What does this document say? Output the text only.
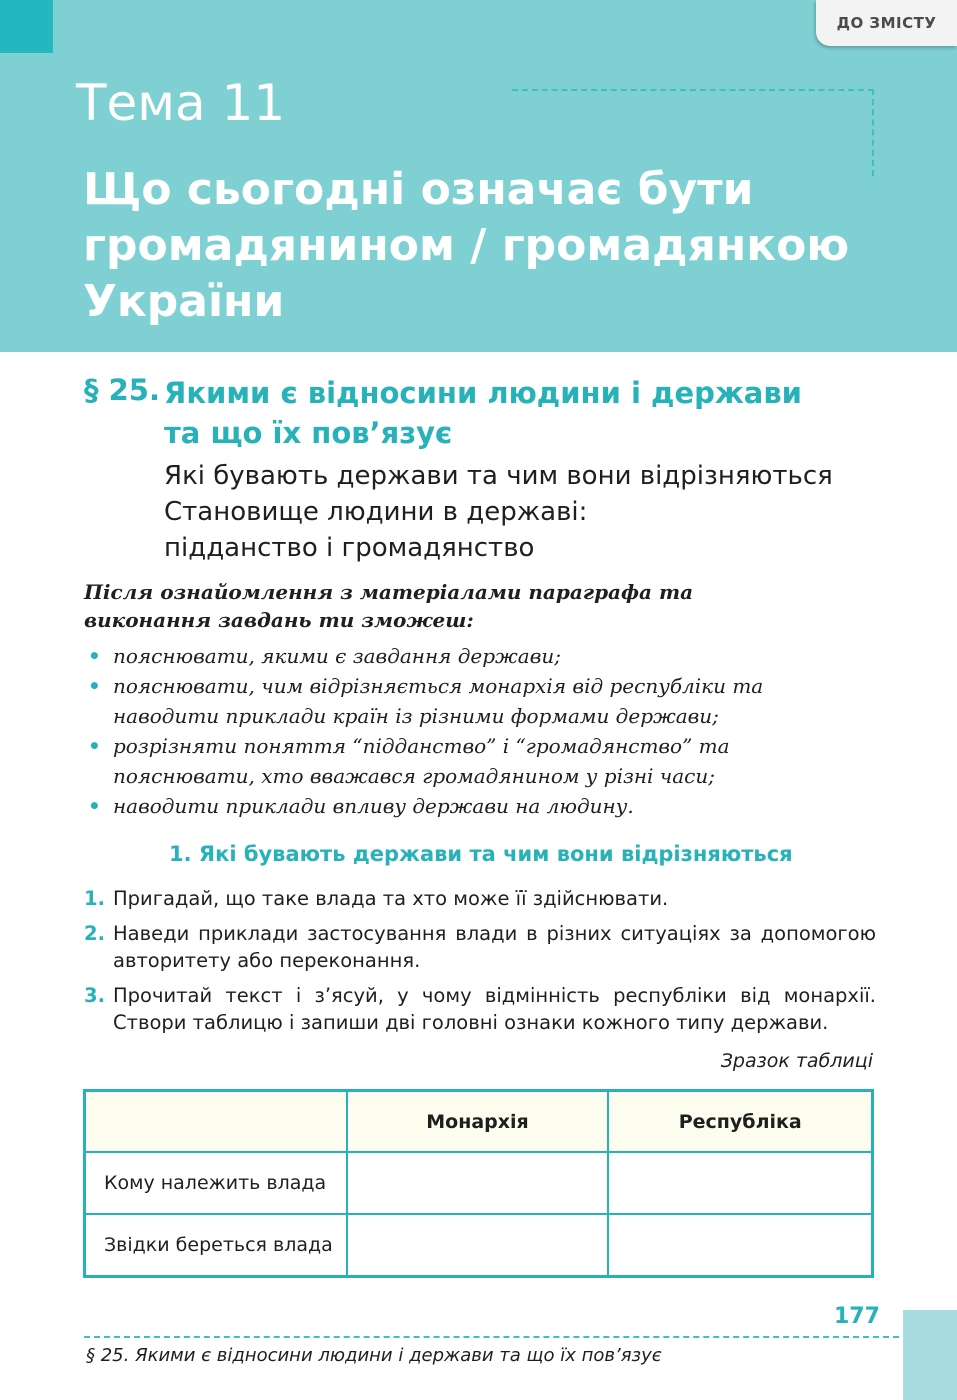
ДО ЗМІСТУ
Тема 11
Що сьогодні означає бути громадянином / громадянкою України
§ 25. Якими є відносини людини і держави
та що їх пов’язує
Які бувають держави та чим вони відрізняються
Становище людини в державі:
підданство і громадянство
Після ознайомлення з матеріалами параграфа та виконання завдань ти зможеш:
• пояснювати, якими є завдання держави;
• пояснювати, чим відрізняється монархія від республіки та наводити приклади країн із різними формами держави;
• розрізняти поняття “підданство” і “громадянство” та пояснювати, хто вважався громадянином у різні часи;
• наводити приклади впливу держави на людину.
1. Які бувають держави та чим вони відрізняються
1. Пригадай, що таке влада та хто може її здійснювати.
2. Наведи приклади застосування влади в різних ситуаціях за допомогою авторитету або переконання.
3. Прочитай текст і з’ясуй, у чому відмінність республіки від монархії. Створи таблицю і запиши дві головні ознаки кожного типу держави.
Зразок таблиці
	Монархія	Республіка
Кому належить влада		
Звідки береться влада		
177
§ 25. Якими є відносини людини і держави та що їх пов’язує
